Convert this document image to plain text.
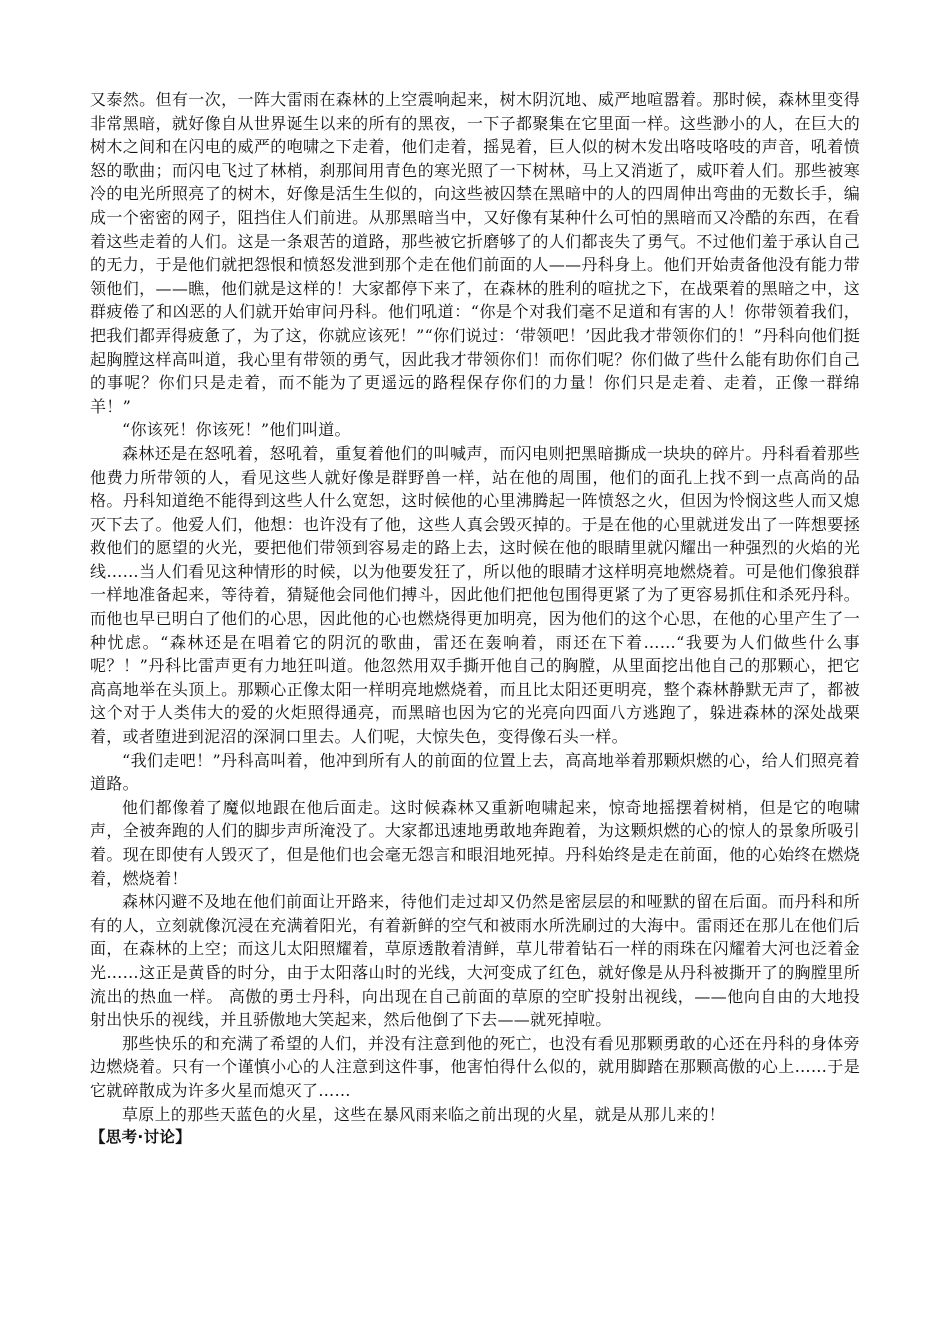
又泰然。但有一次，一阵大雷雨在森林的上空震响起来，树木阴沉地、威严地喧嚣着。那时候，森林里变得非常黑暗，就好像自从世界诞生以来的所有的黑夜，一下子都聚集在它里面一样。这些渺小的人，在巨大的树木之间和在闪电的威严的咆啸之下走着，他们走着，摇晃着，巨人似的树木发出咯吱咯吱的声音，吼着愤怒的歌曲；而闪电飞过了林梢，刹那间用青色的寒光照了一下树林，马上又消逝了，威吓着人们。那些被寒冷的电光所照亮了的树木，好像是活生生似的，向这些被囚禁在黑暗中的人的四周伸出弯曲的无数长手，编成一个密密的网子，阻挡住人们前进。从那黑暗当中，又好像有某种什么可怕的黑暗而又冷酷的东西，在看着这些走着的人们。这是一条艰苦的道路，那些被它折磨够了的人们都丧失了勇气。不过他们羞于承认自己的无力，于是他们就把怨恨和愤怒发泄到那个走在他们前面的人——丹科身上。他们开始责备他没有能力带领他们，——瞧，他们就是这样的！大家都停下来了，在森林的胜利的喧扰之下，在战栗着的黑暗之中，这群疲倦了和凶恶的人们就开始审问丹科。他们吼道：“你是个对我们毫不足道和有害的人！你带领着我们，把我们都弄得疲惫了，为了这，你就应该死！”“你们说过：‘带领吧！’因此我才带领你们的！”丹科向他们挺起胸膛这样高叫道，我心里有带领的勇气，因此我才带领你们！而你们呢？你们做了些什么能有助你们自己的事呢？你们只是走着，而不能为了更遥远的路程保存你们的力量！你们只是走着、走着，正像一群绵羊！”

“你该死！你该死！”他们叫道。

森林还是在怒吼着，怒吼着，重复着他们的叫喊声，而闪电则把黑暗撕成一块块的碎片。丹科看着那些他费力所带领的人，看见这些人就好像是群野兽一样，站在他的周围，他们的面孔上找不到一点高尚的品格。丹科知道绝不能得到这些人什么宽恕，这时候他的心里沸腾起一阵愤怒之火，但因为怜悯这些人而又熄灭下去了。他爱人们，他想：也许没有了他，这些人真会毁灭掉的。于是在他的心里就迸发出了一阵想要拯救他们的愿望的火光，要把他们带领到容易走的路上去，这时候在他的眼睛里就闪耀出一种强烈的火焰的光线……当人们看见这种情形的时候，以为他要发狂了，所以他的眼睛才这样明亮地燃烧着。可是他们像狼群一样地准备起来，等待着，猜疑他会同他们搏斗，因此他们把他包围得更紧了为了更容易抓住和杀死丹科。而他也早已明白了他们的心思，因此他的心也燃烧得更加明亮，因为他们的这个心思，在他的心里产生了一种忧虑。“森林还是在唱着它的阴沉的歌曲，雷还在轰响着，雨还在下着……“我要为人们做些什么事呢？！”丹科比雷声更有力地狂叫道。他忽然用双手撕开他自己的胸膛，从里面挖出他自己的那颗心，把它高高地举在头顶上。那颗心正像太阳一样明亮地燃烧着，而且比太阳还更明亮，整个森林静默无声了，都被这个对于人类伟大的爱的火炬照得通亮，而黑暗也因为它的光亮向四面八方逃跑了，躲进森林的深处战栗着，或者堕进到泥沼的深洞口里去。人们呢，大惊失色，变得像石头一样。

“我们走吧！”丹科高叫着，他冲到所有人的前面的位置上去，高高地举着那颗炽燃的心，给人们照亮着道路。

他们都像着了魔似地跟在他后面走。这时候森林又重新咆啸起来，惊奇地摇摆着树梢，但是它的咆啸声，全被奔跑的人们的脚步声所淹没了。大家都迅速地勇敢地奔跑着，为这颗炽燃的心的惊人的景象所吸引着。现在即使有人毁灭了，但是他们也会毫无怨言和眼泪地死掉。丹科始终是走在前面，他的心始终在燃烧着，燃烧着！

森林闪避不及地在他们前面让开路来，待他们走过却又仍然是密层层的和哑默的留在后面。而丹科和所有的人，立刻就像沉浸在充满着阳光，有着新鲜的空气和被雨水所洗刷过的大海中。雷雨还在那儿在他们后面，在森林的上空；而这儿太阳照耀着，草原透散着清鲜，草儿带着钻石一样的雨珠在闪耀着大河也泛着金光……这正是黄昏的时分，由于太阳落山时的光线，大河变成了红色，就好像是从丹科被撕开了的胸膛里所流出的热血一样。 高傲的勇士丹科，向出现在自己前面的草原的空旷投射出视线，——他向自由的大地投射出快乐的视线，并且骄傲地大笑起来，然后他倒了下去——就死掉啦。

那些快乐的和充满了希望的人们，并没有注意到他的死亡，也没有看见那颗勇敢的心还在丹科的身体旁边燃烧着。只有一个谨慎小心的人注意到这件事，他害怕得什么似的，就用脚踏在那颗高傲的心上……于是它就碎散成为许多火星而熄灭了……

草原上的那些天蓝色的火星，这些在暴风雨来临之前出现的火星，就是从那儿来的！

【思考·讨论】
